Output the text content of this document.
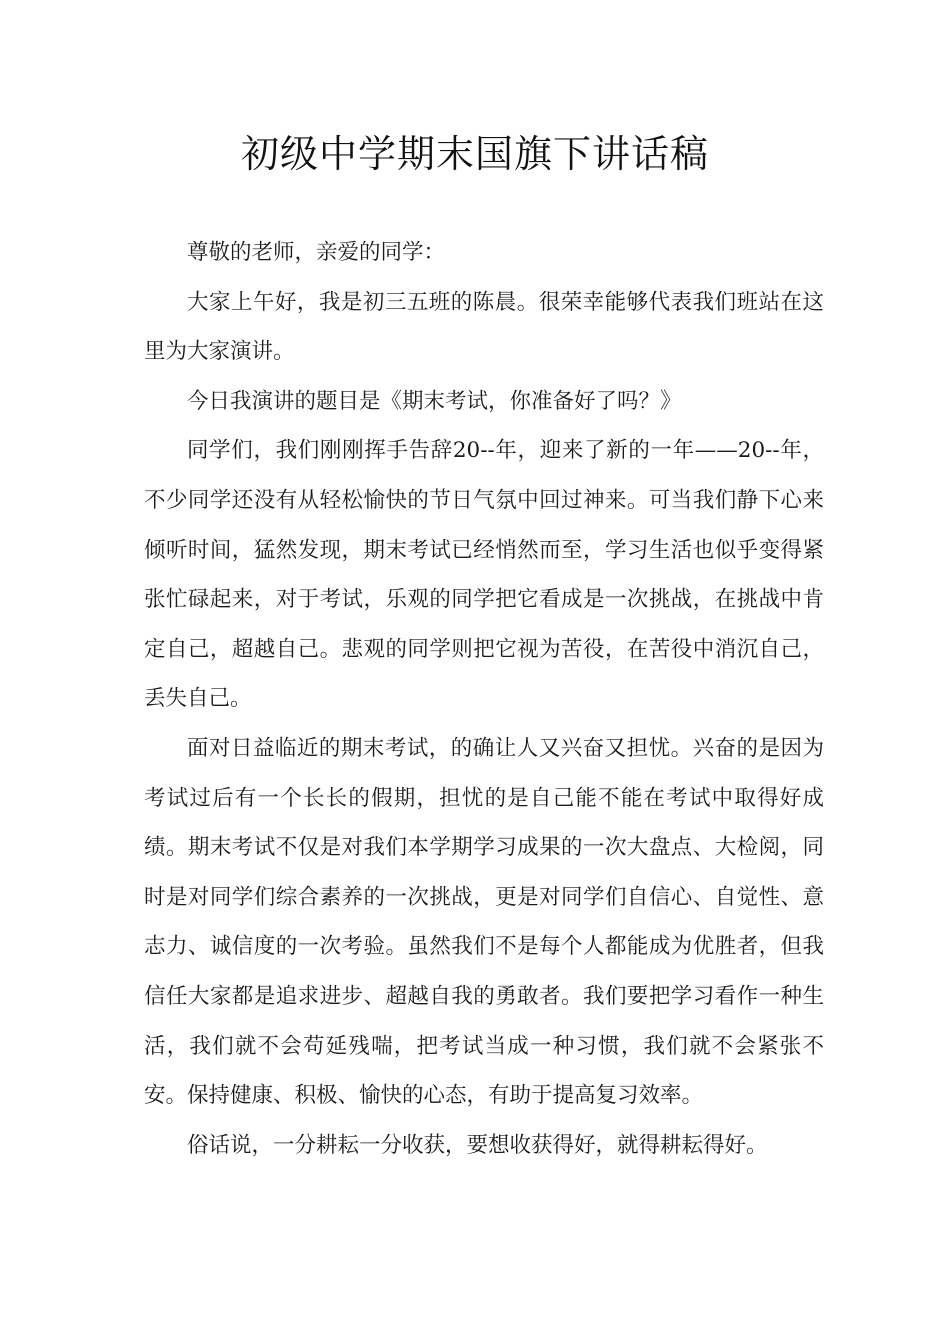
初级中学期末国旗下讲话稿

尊敬的老师，亲爱的同学：

大家上午好，我是初三五班的陈晨。很荣幸能够代表我们班站在这里为大家演讲。

今日我演讲的题目是《期末考试，你准备好了吗？》

同学们，我们刚刚挥手告辞20--年，迎来了新的一年——20--年，不少同学还没有从轻松愉快的节日气氛中回过神来。可当我们静下心来倾听时间，猛然发现，期末考试已经悄然而至，学习生活也似乎变得紧张忙碌起来，对于考试，乐观的同学把它看成是一次挑战，在挑战中肯定自己，超越自己。悲观的同学则把它视为苦役，在苦役中消沉自己，丢失自己。

面对日益临近的期末考试，的确让人又兴奋又担忧。兴奋的是因为考试过后有一个长长的假期，担忧的是自己能不能在考试中取得好成绩。期末考试不仅是对我们本学期学习成果的一次大盘点、大检阅，同时是对同学们综合素养的一次挑战，更是对同学们自信心、自觉性、意志力、诚信度的一次考验。虽然我们不是每个人都能成为优胜者，但我信任大家都是追求进步、超越自我的勇敢者。我们要把学习看作一种生活，我们就不会苟延残喘，把考试当成一种习惯，我们就不会紧张不安。保持健康、积极、愉快的心态，有助于提高复习效率。

俗话说，一分耕耘一分收获，要想收获得好，就得耕耘得好。
